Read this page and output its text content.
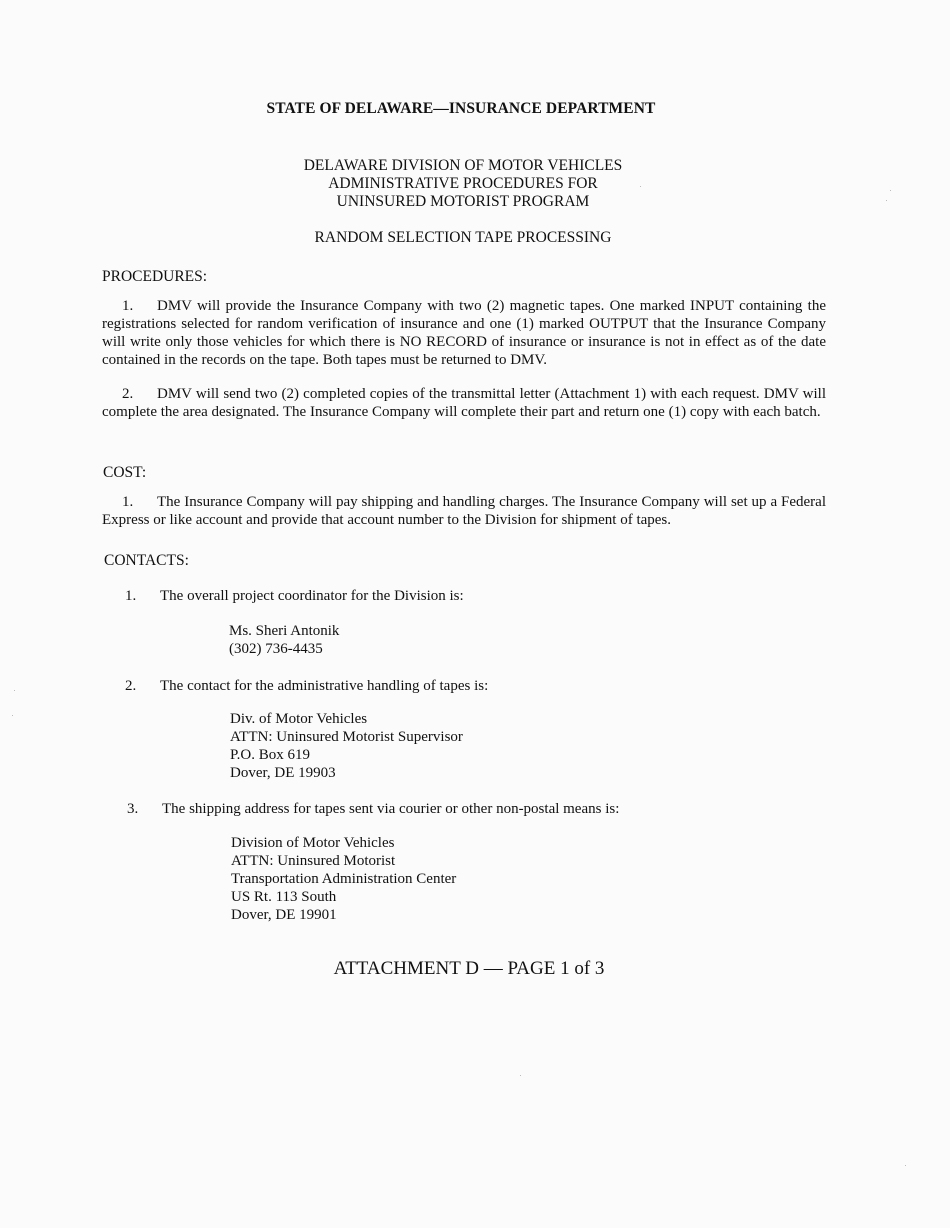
STATE OF DELAWARE—INSURANCE DEPARTMENT
DELAWARE DIVISION OF MOTOR VEHICLES
ADMINISTRATIVE PROCEDURES FOR
UNINSURED MOTORIST PROGRAM
RANDOM SELECTION TAPE PROCESSING
PROCEDURES:
1. DMV will provide the Insurance Company with two (2) magnetic tapes. One marked INPUT containing the registrations selected for random verification of insurance and one (1) marked OUTPUT that the Insurance Company will write only those vehicles for which there is NO RECORD of insurance or insurance is not in effect as of the date contained in the records on the tape. Both tapes must be returned to DMV.
2. DMV will send two (2) completed copies of the transmittal letter (Attachment 1) with each request. DMV will complete the area designated. The Insurance Company will complete their part and return one (1) copy with each batch.
COST:
1. The Insurance Company will pay shipping and handling charges. The Insurance Company will set up a Federal Express or like account and provide that account number to the Division for shipment of tapes.
CONTACTS:
1. The overall project coordinator for the Division is:
Ms. Sheri Antonik
(302) 736-4435
2. The contact for the administrative handling of tapes is:
Div. of Motor Vehicles
ATTN: Uninsured Motorist Supervisor
P.O. Box 619
Dover, DE 19903
3. The shipping address for tapes sent via courier or other non-postal means is:
Division of Motor Vehicles
ATTN: Uninsured Motorist
Transportation Administration Center
US Rt. 113 South
Dover, DE 19901
ATTACHMENT D — PAGE 1 of 3
